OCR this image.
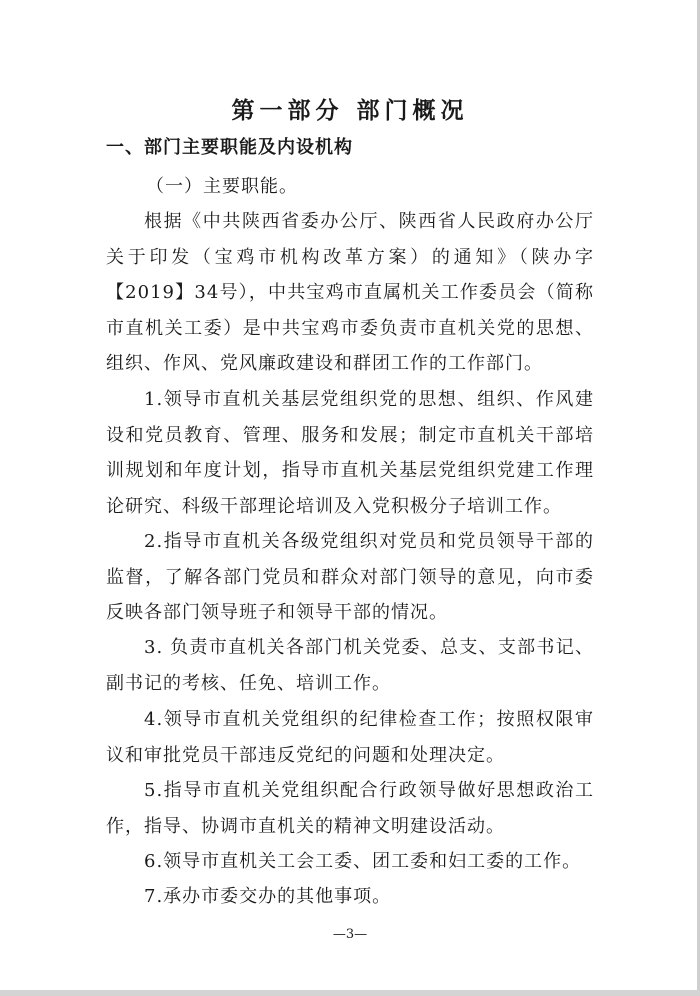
第一部分 部门概况
一、部门主要职能及内设机构
（一）主要职能。

根据《中共陕西省委办公厅、陕西省人民政府办公厅关于印发（宝鸡市机构改革方案）的通知》（陕办字【2019】34号），中共宝鸡市直属机关工作委员会（简称市直机关工委）是中共宝鸡市委负责市直机关党的思想、组织、作风、党风廉政建设和群团工作的工作部门。

1.领导市直机关基层党组织党的思想、组织、作风建设和党员教育、管理、服务和发展；制定市直机关干部培训规划和年度计划，指导市直机关基层党组织党建工作理论研究、科级干部理论培训及入党积极分子培训工作。

2.指导市直机关各级党组织对党员和党员领导干部的监督，了解各部门党员和群众对部门领导的意见，向市委反映各部门领导班子和领导干部的情况。

3. 负责市直机关各部门机关党委、总支、支部书记、副书记的考核、任免、培训工作。

4.领导市直机关党组织的纪律检查工作；按照权限审议和审批党员干部违反党纪的问题和处理决定。

5.指导市直机关党组织配合行政领导做好思想政治工作，指导、协调市直机关的精神文明建设活动。

6.领导市直机关工会工委、团工委和妇工委的工作。

7.承办市委交办的其他事项。

—3—
